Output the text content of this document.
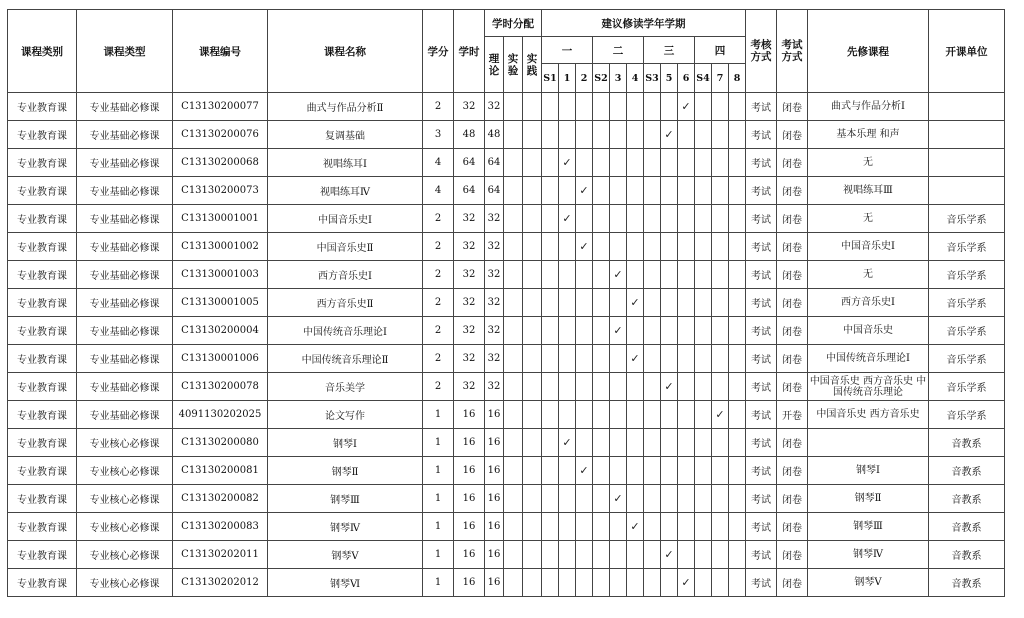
课程类别	课程类型	课程编号	课程名称	学分	学时	学时分配			建议修读学年学期												考核方式	考试方式	先修课程	开课单位
						理论	实验	实践	一			二			三			四						
									S1	1	2	S2	3	4	S3	5	6	S4	7	8				
专业教育课	专业基础必修课	C13130200077	曲式与作品分析Ⅱ	2	32	32											✓				考试	闭卷	曲式与作品分析Ⅰ	
专业教育课	专业基础必修课	C13130200076	复调基础	3	48	48										✓					考试	闭卷	基本乐理 和声	
专业教育课	专业基础必修课	C13130200068	视唱练耳Ⅰ	4	64	64				✓											考试	闭卷	无	
专业教育课	专业基础必修课	C13130200073	视唱练耳Ⅳ	4	64	64					✓										考试	闭卷	视唱练耳Ⅲ	
专业教育课	专业基础必修课	C13130001001	中国音乐史Ⅰ	2	32	32				✓											考试	闭卷	无	音乐学系
专业教育课	专业基础必修课	C13130001002	中国音乐史Ⅱ	2	32	32					✓										考试	闭卷	中国音乐史Ⅰ	音乐学系
专业教育课	专业基础必修课	C13130001003	西方音乐史Ⅰ	2	32	32							✓								考试	闭卷	无	音乐学系
专业教育课	专业基础必修课	C13130001005	西方音乐史Ⅱ	2	32	32								✓							考试	闭卷	西方音乐史Ⅰ	音乐学系
专业教育课	专业基础必修课	C13130200004	中国传统音乐理论Ⅰ	2	32	32							✓								考试	闭卷	中国音乐史	音乐学系
专业教育课	专业基础必修课	C13130001006	中国传统音乐理论Ⅱ	2	32	32								✓							考试	闭卷	中国传统音乐理论Ⅰ	音乐学系
专业教育课	专业基础必修课	C13130200078	音乐美学	2	32	32										✓					考试	闭卷	中国音乐史 西方音乐史 中国传统音乐理论	音乐学系
专业教育课	专业基础必修课	4091130202025	论文写作	1	16	16													✓		考试	开卷	中国音乐史 西方音乐史	音乐学系
专业教育课	专业核心必修课	C13130200080	钢琴Ⅰ	1	16	16				✓											考试	闭卷		音教系
专业教育课	专业核心必修课	C13130200081	钢琴Ⅱ	1	16	16					✓										考试	闭卷	钢琴Ⅰ	音教系
专业教育课	专业核心必修课	C13130200082	钢琴Ⅲ	1	16	16							✓								考试	闭卷	钢琴Ⅱ	音教系
专业教育课	专业核心必修课	C13130200083	钢琴Ⅳ	1	16	16								✓							考试	闭卷	钢琴Ⅲ	音教系
专业教育课	专业核心必修课	C13130202011	钢琴Ⅴ	1	16	16										✓					考试	闭卷	钢琴Ⅳ	音教系
专业教育课	专业核心必修课	C13130202012	钢琴Ⅵ	1	16	16											✓				考试	闭卷	钢琴Ⅴ	音教系
